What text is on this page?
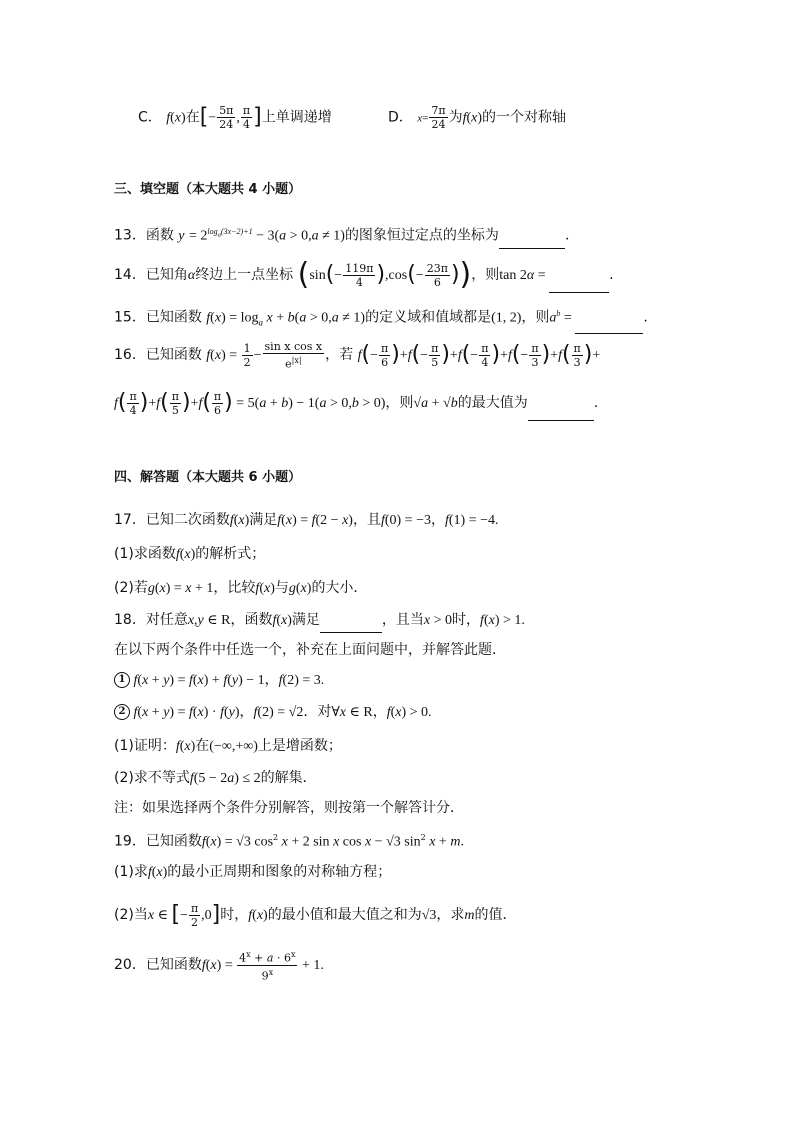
C． f(x)在[− $\frac{5\pi}{24}$ , $\frac{\pi}{4}$ ]上单调递增	D． $x= \frac{7\pi}{24}$ 为f(x)的一个对称轴
三、填空题（本大题共 4 小题）
13．函数 $y = 2^{log_a(3x-2)+1} - 3(a > 0,a \ne 1)$的图象恒过定点的坐标为	.
14．已知角α终边上一点坐标 ($\sin(- \frac{119\pi}{4} ),\cos(- \frac{23\pi}{6}$ ))，则tan 2α =	.
15．已知函数 $f(x) = \log_a x + b(a > 0,a \ne 1)$的定义域和值域都是(1, 2)，则$a^b$ =	.
16．已知函数 $f(x) = \frac{1}{2} - \frac{\text{sin x cos x}}{e^{|x|}}$ ，若 $f(- \frac{\pi}{6} )+f(- \frac{\pi}{5} )+f(- \frac{\pi}{4} )+f(- \frac{\pi}{3} )+f( \frac{\pi}{3}$ )+
$f( \frac{\pi}{4} )+f( \frac{\pi}{5} )+f( \frac{\pi}{6}$ ) = 5(a + b) − 1(a > 0,b > 0)，则√a + √b的最大值为	.
四、解答题（本大题共 6 小题）
17．已知二次函数f(x)满足f(x) = f(2 − x)，且f(0) = −3，f(1) = −4.
(1)求函数f(x)的解析式；
(2)若g(x) = x + 1，比较f(x)与g(x)的大小．
18．对任意x,y ∈ R，函数f(x)满足	，且当x > 0时，f(x) > 1.
在以下两个条件中任选一个，补充在上面问题中，并解答此题．
1 f(x + y) = f(x) + f(y) − 1，f(2) = 3.
2 f(x + y) = f(x) · f(y)，f(2) = √2．对∀x ∈ R，f(x) > 0.
(1)证明：f(x)在(−∞,+∞)上是增函数；
(2)求不等式f(5 − 2a) ≤ 2的解集．
注：如果选择两个条件分别解答，则按第一个解答计分．
19．已知函数f(x) = √3 $\cos^2 x + 2$ sin x cos x − √3 $\sin^2 x + m$.
(1)求f(x)的最小正周期和图象的对称轴方程；
(2)当x ∈ [− $\frac{\pi}{2} ,0$]时，f(x)的最小值和最大值之和为√3，求m的值．
20．已知函数$f(x) = \frac{4^x + a \cdot 6^x}{9^x} + 1$.
